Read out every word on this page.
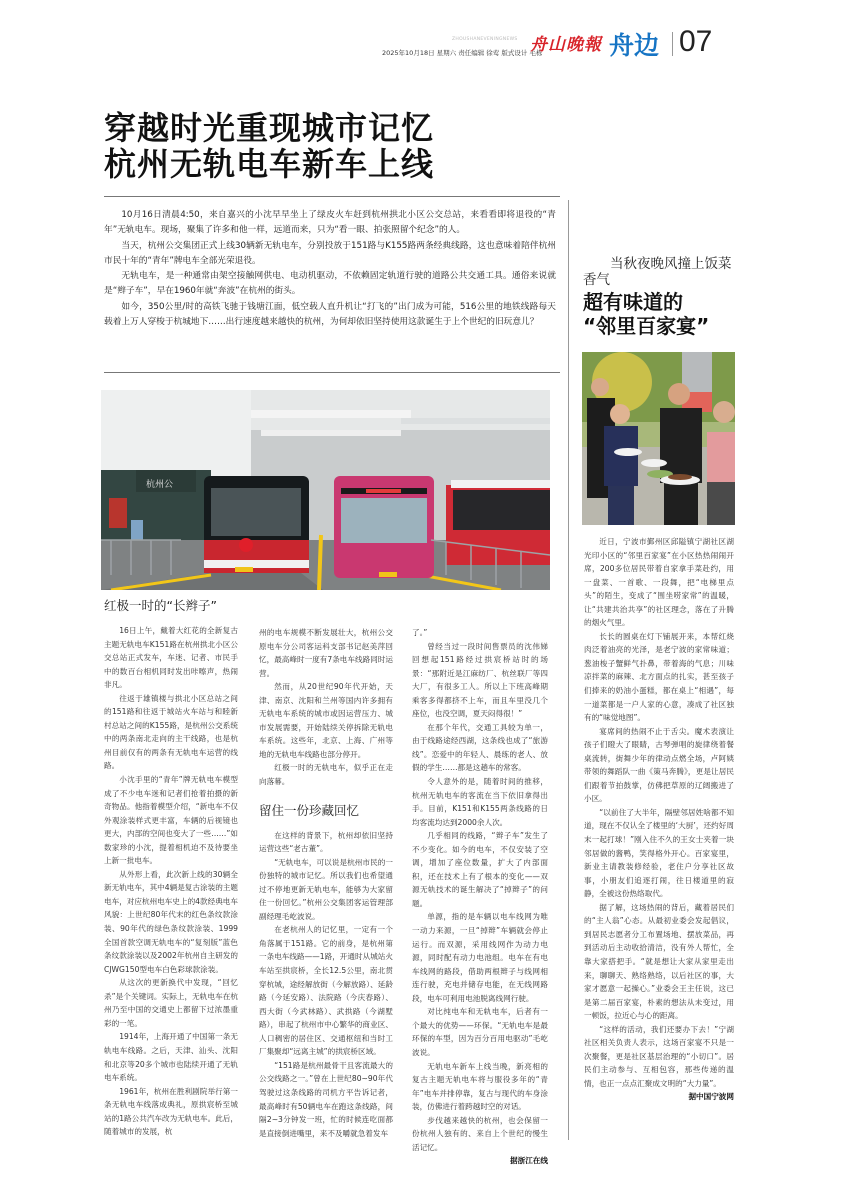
ZHOUSHANEVENINGNEWS
2025年10月18日 星期六 责任编辑 徐莺 版式设计 毛栋
舟山晚報 舟边 07
穿越时光重现城市记忆
杭州无轨电车新车上线

10月16日清晨4:50，来自嘉兴的小沈早早坐上了绿皮火车赶到杭州拱北小区公交总站，来看看即将退役的“青年”无轨电车。现场，聚集了许多和他一样，远道而来，只为“看一眼、拍张照留个纪念”的人。

当天，杭州公交集团正式上线30辆新无轨电车，分别投放于151路与K155路两条经典线路，这也意味着陪伴杭州市民十年的“青年”牌电车全部光荣退役。

无轨电车，是一种通常由架空接触网供电、电动机驱动，不依赖固定轨道行驶的道路公共交通工具。通俗来说就是“辫子车”，早在1960年就“奔波”在杭州的街头。

如今，350公里/时的高铁飞驰于钱塘江面，低空载人直升机让“打飞的”出门成为可能，516公里的地铁线路每天载着上万人穿梭于杭城地下……出行速度越来越快的杭州，为何却依旧坚持使用这款诞生于上个世纪的旧玩意儿？

杭州公
红极一时的“长辫子”

16日上午，戴着大红花的全新复古主题无轨电车K151路在杭州拱北小区公交总站正式发车，车迷、记者、市民手中的数百台相机同时发出咔嚓声，热闹非凡。

往返于雄镇楼与拱北小区总站之间的151路和往返于城站火车站与和睦新村总站之间的K155路，是杭州公交系统中的两条南北走向的主干线路，也是杭州目前仅有的两条有无轨电车运营的线路。

小沈手里的“青年”牌无轨电车模型成了不少电车迷和记者们抢着拍摄的新奇物品。他指着模型介绍，“新电车不仅外观涂装样式更丰富，车辆的后视镜也更大，内部的空间也变大了一些……”如数家珍的小沈，提着相机迫不及待要坐上新一批电车。

从外形上看，此次新上线的30辆全新无轨电车，其中4辆是复古涂装的主题电车，对应杭州电车史上的4款经典电车风貌：上世纪80年代末的红色条纹款涂装、90年代的绿色条纹款涂装、1999全国首款空调无轨电车的“复刻版”蓝色条纹款涂装以及2002年杭州自主研发的CJWG150型电车白色彩球款涂装。

从这次的更新换代中发现，“回忆杀”是个关键词。实际上，无轨电车在杭州乃至中国的交通史上都留下过浓墨重彩的一笔。

1914年，上海开通了中国第一条无轨电车线路。之后，天津、汕头、沈阳和北京等20多个城市也陆续开通了无轨电车系统。

1961年，杭州在胜利剧院举行第一条无轨电车线落成典礼，原拱宸桥至城站的1路公共汽车改为无轨电车。此后，随着城市的发展，杭

州的电车规模不断发展壮大，杭州公交原电车分公司客运科支部书记赵美萍回忆，最高峰时一度有7条电车线路同时运营。

然而，从20世纪90年代开始，天津、南京、沈阳和兰州等国内许多拥有无轨电车系统的城市或因运营压力、城市发展需要，开始陆续关停拆除无轨电车系统。这些年，北京、上海、广州等地的无轨电车线路也部分停开。

红极一时的无轨电车，似乎正在走向落幕。

留住一份珍藏回忆

在这样的背景下，杭州却依旧坚持运营这些“老古董”。

“无轨电车，可以说是杭州市民的一份独特的城市记忆。所以我们也希望通过不停地更新无轨电车，能够为大家留住一份回忆。”杭州公交集团客运管理部副经理毛屹波说。

在老杭州人的记忆里，一定有一个角落属于151路。它的前身，是杭州第一条电车线路——1路，开通时从城站火车站至拱宸桥，全长12.5公里，南北贯穿杭城，途经解放街（今解放路）、延龄路（今延安路）、法院路（今庆春路）、西大街（今武林路）、武拱路（今湖墅路），串起了杭州市中心繁华的商业区、人口稠密的居住区、交通枢纽和当时工厂集聚却“远离主城”的拱宸桥区域。

“151路是杭州最骨干且客流最大的公交线路之一。”曾在上世纪80~90年代驾驶过这条线路的司机方平告诉记者，最高峰时有50辆电车在跑这条线路，间隔2~3分钟发一班，忙的时候连吃面都是直接倒进嘴里，来不及嚼就急着发车

了。”

曾经当过一段时间售票员的沈伟娣回想起151路经过拱宸桥站时的场景：“那附近是江麻纺厂、杭丝联厂等四大厂，有很多工人。所以上下班高峰期乘客多得都挤不上车，而且车里没几个座位，也没空调，夏天闷得很！”

在那个年代，交通工具较为单一，由于线路途经西湖，这条线也成了“旅游线”。恋爱中的年轻人、晨练的老人、放假的学生……都是这趟车的常客。

令人意外的是，随着时间的推移，杭州无轨电车的客流在当下依旧拿得出手。目前，K151和K155两条线路的日均客流均达到2000余人次。

几乎相同的线路，“辫子车”发生了不少变化。如今的电车，不仅安装了空调，增加了座位数量，扩大了内部面积，还在技术上有了根本的变化——双源无轨技术的诞生解决了“掉辫子”的问题。

单源，指的是车辆以电车线网为唯一动力来源，一旦“掉辫”车辆就会停止运行。而双源，采用线网作为动力电源，同时配有动力电池组。电车在有电车线网的路段，借助两根辫子与线网相连行驶，充电并储存电能，在无线网路段，电车可利用电池脱离线网行驶。

对比纯电车和无轨电车，后者有一个最大的优势——环保。“无轨电车是最环保的车型，因为百分百用电驱动”毛屹波说。

无轨电车新车上线当晚，新亮相的复古主题无轨电车将与服役多年的“青年”电车并排停靠，复古与现代的车身涂装，仿佛进行着跨越时空的对话。

步伐越来越快的杭州，也会保留一份杭州人独有的、来自上个世纪的慢生活记忆。

据浙江在线
当秋夜晚风撞上饭菜香气
超有味道的
“邻里百家宴”

近日，宁波市鄞州区邱隘镇宁湖社区湖光印小区的“邻里百家宴”在小区热热闹闹开席，200多位居民带着自家拿手菜赴约，用一盘菜、一首歌、一段舞，把“电梯里点头”的陌生，变成了“围坐唠家常”的温暖，让“共建共治共享”的社区理念，落在了升腾的烟火气里。

长长的圆桌在灯下铺展开来，本帮红烧肉泛着油亮的光泽，是老宁波的家常味道；葱油梭子蟹鲜气扑鼻，带着海的气息；川味凉拌菜的麻辣、北方面点的扎实，甚至孩子们捧来的奶油小蛋糕，都在桌上“相遇”，每一道菜都是一户人家的心意，凑成了社区独有的“味觉地图”。

宴席间的热闹不止于舌尖。魔术表演让孩子们瞪大了眼睛，古琴弹唱的旋律绕着餐桌流转，街舞少年的律动点燃全场，卢阿姨带领的舞蹈队一曲《策马奔腾》，更是让居民们跟着节拍鼓掌，仿佛把草原的辽阔搬进了小区。

“以前住了大半年，隔壁邻居姓啥都不知道，现在不仅认全了楼里的‘大厨’，还约好周末一起打球！”刚入住不久的王女士夹着一块邻居做的酱鸭，笑得格外开心。百家宴里，新业主请教装修经验，老住户分享社区故事，小朋友们追逐打闹，往日楼道里的寂静，全被这份热络取代。

据了解，这场热闹的背后，藏着居民们的“主人翁”心态。从最初业委会发起倡议，到居民志愿者分工布置场地、摆放菜品，再到活动后主动收拾清洁，没有外人帮忙，全靠大家搭把手。“就是想让大家从家里走出来，聊聊天、熟络熟络，以后社区的事，大家才愿意一起操心。”业委会王主任说，这已是第二届百家宴，朴素的想法从未变过，用一顿饭，拉近心与心的距离。

“这样的活动，我们还要办下去！”宁湖社区相关负责人表示，这场百家宴不只是一次聚餐，更是社区基层治理的“小切口”。居民们主动参与、互相包容，那些传递的温情，也正一点点汇聚成文明的“大力量”。

据中国宁波网
